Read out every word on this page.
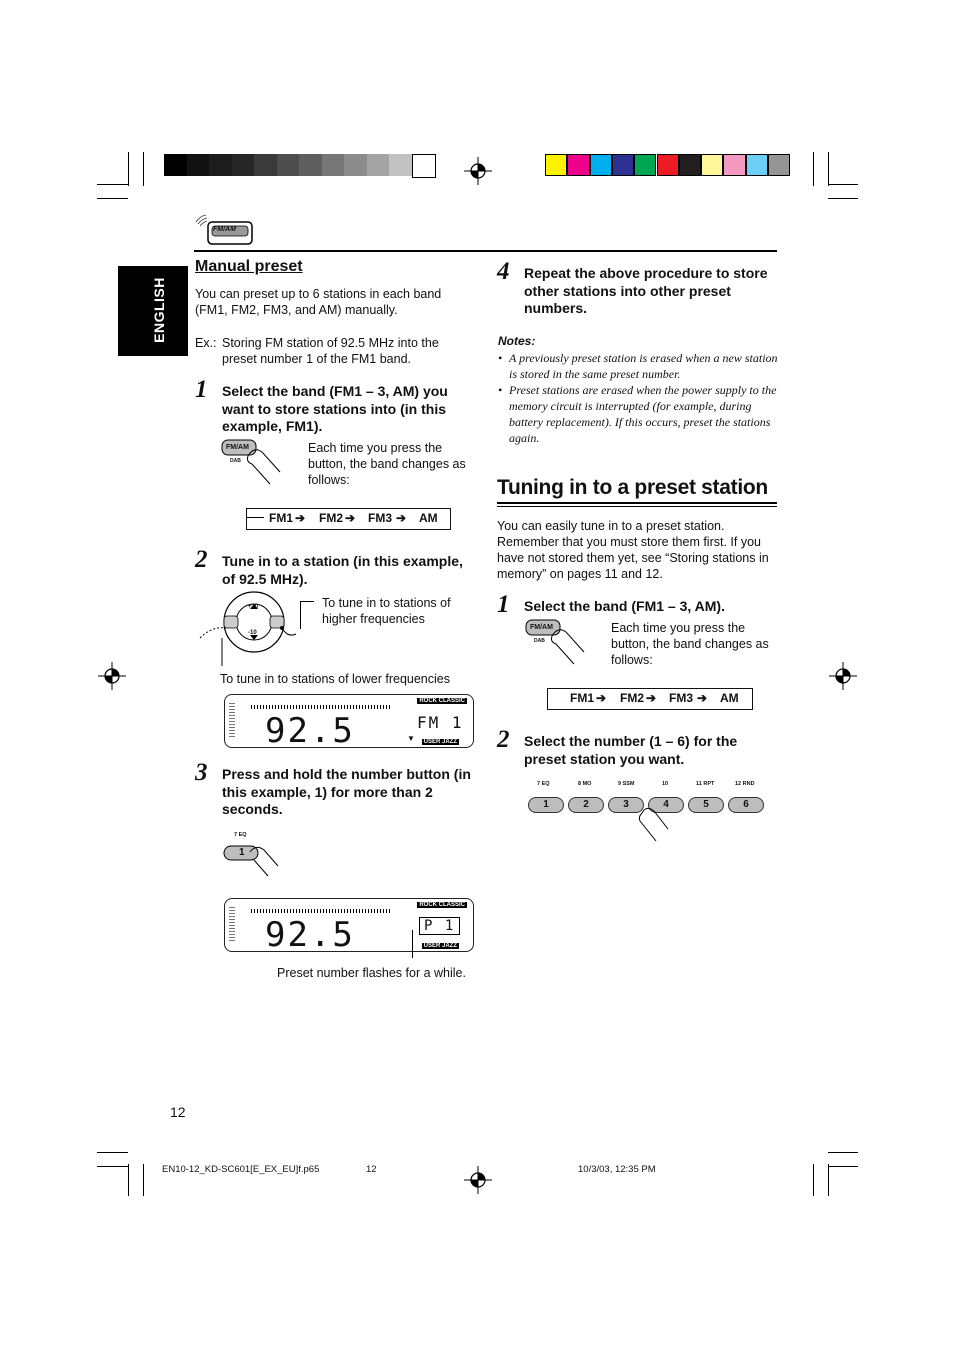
ENGLISH
FM/AM
Manual preset
You can preset up to 6 stations in each band (FM1, FM2, FM3, and AM) manually.
Ex.: Storing FM station of 92.5 MHz into the preset number 1 of the FM1 band.
1 Select the band (FM1 – 3, AM) you want to store stations into (in this example, FM1).
FM/AM
DAB
Each time you press the button, the band changes as follows:
FM1 ➔ FM2 ➔ FM3 ➔ AM
2 Tune in to a station (in this example, of 92.5 MHz).
+10
-10
To tune in to stations of higher frequencies
To tune in to stations of lower frequencies
92.5	FM 1
ROCK CLASSIC
USER JAZZ
▼
3 Press and hold the number button (in this example, 1) for more than 2 seconds.
7 EQ
1
92.5	P 1
ROCK CLASSIC
USER JAZZ
Preset number flashes for a while.
4 Repeat the above procedure to store other stations into other preset numbers.
Notes:
• A previously preset station is erased when a new station is stored in the same preset number.
• Preset stations are erased when the power supply to the memory circuit is interrupted (for example, during battery replacement). If this occurs, preset the stations again.
Tuning in to a preset station
You can easily tune in to a preset station. Remember that you must store them first. If you have not stored them yet, see “Storing stations in memory” on pages 11 and 12.
1 Select the band (FM1 – 3, AM).
FM/AM
DAB
Each time you press the button, the band changes as follows:
FM1 ➔ FM2 ➔ FM3 ➔ AM
2 Select the number (1 – 6) for the preset station you want.
7 EQ	8 MO	9 SSM	10	11 RPT	12 RND
1	2	3	4	5	6
12
EN10-12_KD-SC601[E_EX_EU]f.p65	12	10/3/03, 12:35 PM
